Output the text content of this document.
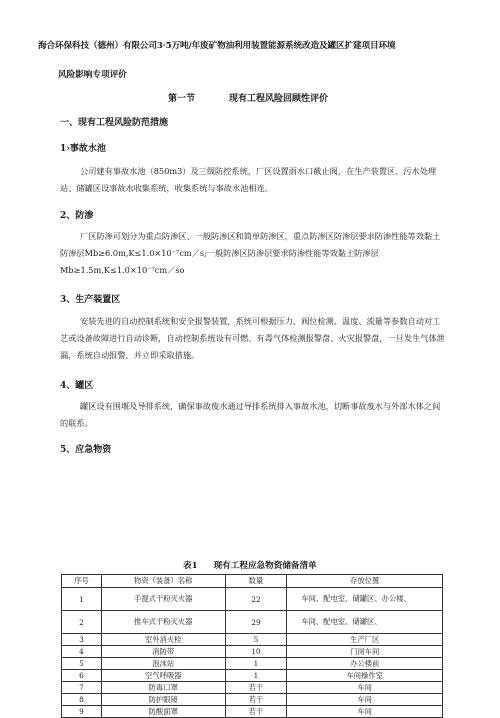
海合环保科技（德州）有限公司3·5万吨/年废矿物油利用装置能源系统改造及罐区扩建项目环境
风险影响专项评价
第一节	现有工程风险回顾性评价
一、现有工程风险防范措施
1›事故水池
公司建有事故水池（850m3）及三级防控系统，厂区设置雨水口截止阀，在生产装置区、污水处理站、储罐区设事故水收集系统，收集系统与事故水池相连。
2、防渗
厂区防渗可划分为重点防渗区、一般防渗区和简单防渗区，重点防渗区防渗层要求防渗性能等效黏土防渗层Mb≥6.0m,K≤1.0×10⁻⁷cm／s;一般防渗区防渗层要求防渗性能等效黏土防渗层Mb≥1.5m,K≤1.0×10⁻⁷cm／so
3、生产装置区
安装先进的自动控制系统和安全报警装置，系统可根据压力、阀位检测、温度、流量等参数自动对工艺或设备故障进行自动诊断，自动控制系统设有可燃、有毒气体检测报警盘、火灾报警盘，一旦发生气体泄漏，系统自动报警，并立即采取措施。
4、罐区
罐区设有围堰及导排系统，确保事故废水通过导排系统排入事故水池，切断事故废水与外部水体之间的联系。
5、应急物资
表1 现有工程应急物资储备清单
序号	物资（装备）名称	数量	存放位置
1	手提式干粉灭火器	22	车间、配电室、储罐区、办公楼、
2	推车式干粉灭火器	29	车间、配电室、储罐区、
3	室外消火栓	5	生产厂区
4	消防带	10	门岗车间
5	泡沫站	1	办公楼前
6	空气呼吸器	1	车间操作室
7	防毒口罩	若干	车间
8	防护眼镜	若干	车间
9	防酸面罩	若干	车间
